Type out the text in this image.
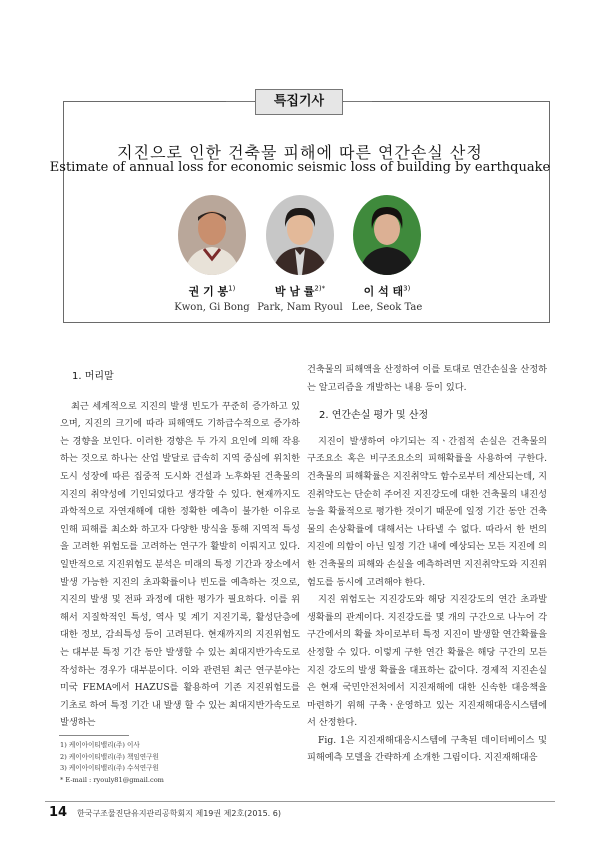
특집기사
지진으로 인한 건축물 피해에 따른 연간손실 산정
Estimate of annual loss for economic seismic loss of building by earthquake
권 기 봉$^{1)}$	박 남 률$^{2)*}$	이 석 태$^{3)}$
Kwon, Gi Bong Park, Nam Ryoul Lee, Seok Tae
1. 머리말

최근 세계적으로 지진의 발생 빈도가 꾸준히 증가하고 있으며, 지진의 크기에 따라 피해액도 기하급수적으로 증가하는 경향을 보인다. 이러한 경향은 두 가지 요인에 의해 작용하는 것으로 하나는 산업 발달로 급속히 지역 중심에 위치한 도시 성장에 따른 집중적 도시화 건설과 노후화된 건축물의 지진의 취약성에 기인되었다고 생각할 수 있다. 현재까지도 과학적으로 자연재해에 대한 정확한 예측이 불가한 이유로 인해 피해를 최소화 하고자 다양한 방식을 통해 지역적 특성을 고려한 위험도를 고려하는 연구가 활발히 이뤄지고 있다. 일반적으로 지진위험도 분석은 미래의 특정 기간과 장소에서 발생 가능한 지진의 초과확률이나 빈도를 예측하는 것으로, 지진의 발생 및 전파 과정에 대한 평가가 필요하다. 이를 위해서 지질학적인 특성, 역사 및 계기 지진기록, 활성단층에 대한 정보, 감쇠특성 등이 고려된다. 현재까지의 지진위험도는 대부분 특정 기간 동안 발생할 수 있는 최대지반가속도로 작성하는 경우가 대부분이다. 이와 관련된 최근 연구분야는 미국 FEMA에서 HAZUS를 활용하여 기존 지진위험도를 기초로 하여 특정 기간 내 발생 할 수 있는 최대지반가속도로 발생하는

건축물의 피해액을 산정하여 이를 토대로 연간손실을 산정하는 알고리즘을 개발하는 내용 등이 있다.

2. 연간손실 평가 및 산정

지진이 발생하여 야기되는 직ㆍ간접적 손실은 건축물의 구조요소 혹은 비구조요소의 피해확률을 사용하여 구한다. 건축물의 피해확률은 지진취약도 함수로부터 계산되는데, 지진취약도는 단순히 주어진 지진강도에 대한 건축물의 내진성능을 확률적으로 평가한 것이기 때문에 일정 기간 동안 건축물의 손상확률에 대해서는 나타낼 수 없다. 따라서 한 번의 지진에 의함이 아닌 일정 기간 내에 예상되는 모든 지진에 의한 건축물의 피해와 손실을 예측하려면 지진취약도와 지진위험도를 동시에 고려해야 한다.

지진 위험도는 지진강도와 해당 지진강도의 연간 초과발생확률의 관계이다. 지진강도를 몇 개의 구간으로 나누어 각 구간에서의 확률 차이로부터 특정 지진이 발생할 연간확률을 산정할 수 있다. 이렇게 구한 연간 확률은 해당 구간의 모든 지진 강도의 발생 확률을 대표하는 값이다. 경제적 지진손실은 현재 국민안전처에서 지진재해에 대한 신속한 대응책을 마련하기 위해 구축ㆍ운영하고 있는 지진재해대응시스템에서 산정한다.

Fig. 1은 지진재해대응시스템에 구축된 데이터베이스 및 피해예측 모델을 간략하게 소개한 그림이다. 지진재해대응

1) 케이아이티밸리(주) 이사
2) 케이아이티밸리(주) 책임연구원
3) 케이아이티밸리(주) 수석연구원
* E-mail : ryouly81@gmail.com
14 한국구조물진단유지관리공학회지 제19권 제2호(2015. 6)
